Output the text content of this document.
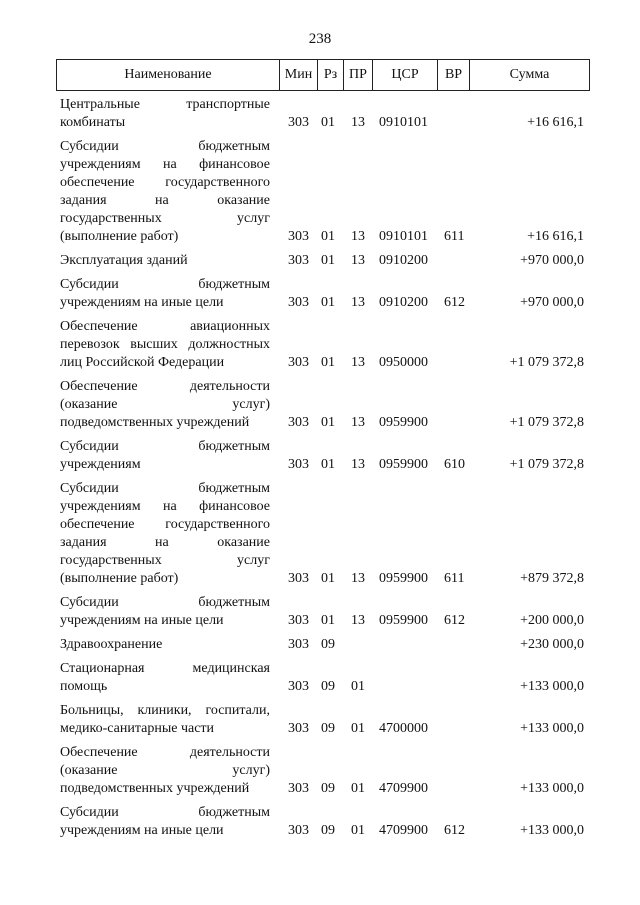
238
Наименование	Мин	Рз	ПР	ЦСР	ВР	Сумма
Центральные транспортные
комбинаты	303 01 13 0910101	+16 616,1
Субсидии бюджетным
учреждениям на финансовое
обеспечение государственного
задания на оказание
государственных услуг
(выполнение работ)	303 01 13 0910101 611	+16 616,1
Эксплуатация зданий	303 01 13 0910200	+970 000,0
Субсидии бюджетным
учреждениям на иные цели	303 01 13 0910200 612	+970 000,0
Обеспечение авиационных
перевозок высших должностных
лиц Российской Федерации	303 01 13 0950000	+1 079 372,8
Обеспечение деятельности
(оказание услуг)
подведомственных учреждений	303 01 13 0959900	+1 079 372,8
Субсидии бюджетным
учреждениям	303 01 13 0959900 610	+1 079 372,8
Субсидии бюджетным
учреждениям на финансовое
обеспечение государственного
задания на оказание
государственных услуг
(выполнение работ)	303 01 13 0959900 611	+879 372,8
Субсидии бюджетным
учреждениям на иные цели	303 01 13 0959900 612	+200 000,0
Здравоохранение	303 09	+230 000,0
Стационарная медицинская
помощь	303 09 01	+133 000,0
Больницы, клиники, госпитали,
медико-санитарные части	303 09 01 4700000	+133 000,0
Обеспечение деятельности
(оказание услуг)
подведомственных учреждений	303 09 01 4709900	+133 000,0
Субсидии бюджетным
учреждениям на иные цели	303 09 01 4709900 612	+133 000,0
